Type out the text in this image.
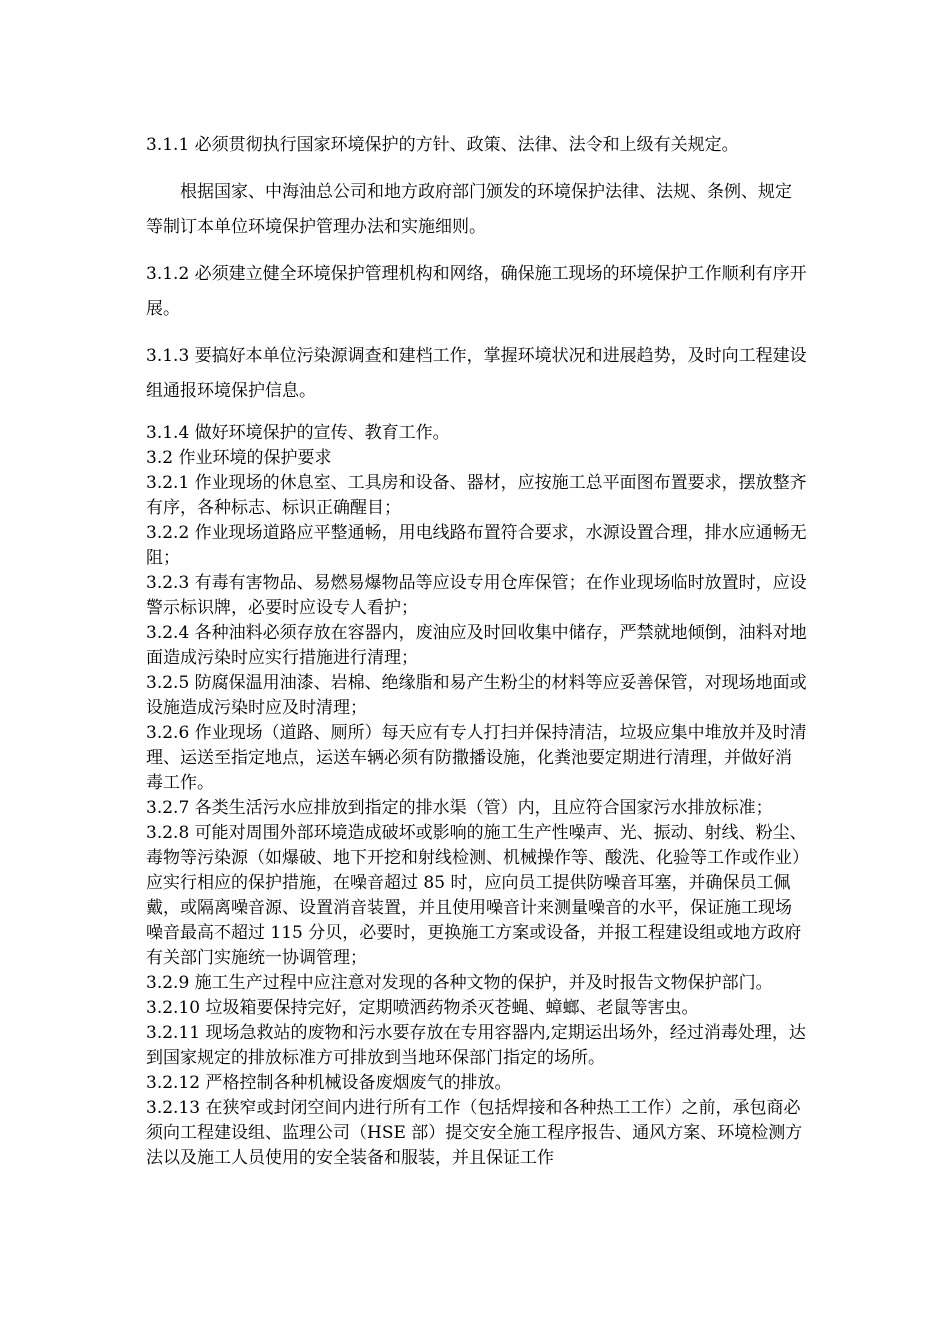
3.1.1 必须贯彻执行国家环境保护的方针、政策、法律、法令和上级有关规定。

根据国家、中海油总公司和地方政府部门颁发的环境保护法律、法规、条例、规定等制订本单位环境保护管理办法和实施细则。

3.1.2 必须建立健全环境保护管理机构和网络，确保施工现场的环境保护工作顺利有序开展。

3.1.3 要搞好本单位污染源调查和建档工作，掌握环境状况和进展趋势，及时向工程建设组通报环境保护信息。

3.1.4 做好环境保护的宣传、教育工作。

3.2 作业环境的保护要求

3.2.1 作业现场的休息室、工具房和设备、器材，应按施工总平面图布置要求，摆放整齐有序，各种标志、标识正确醒目；

3.2.2 作业现场道路应平整通畅，用电线路布置符合要求，水源设置合理，排水应通畅无阻；

3.2.3 有毒有害物品、易燃易爆物品等应设专用仓库保管；在作业现场临时放置时，应设警示标识牌，必要时应设专人看护；

3.2.4 各种油料必须存放在容器内，废油应及时回收集中储存，严禁就地倾倒，油料对地面造成污染时应实行措施进行清理；

3.2.5 防腐保温用油漆、岩棉、绝缘脂和易产生粉尘的材料等应妥善保管，对现场地面或设施造成污染时应及时清理；

3.2.6 作业现场（道路、厕所）每天应有专人打扫并保持清洁，垃圾应集中堆放并及时清理、运送至指定地点，运送车辆必须有防撒播设施，化粪池要定期进行清理，并做好消毒工作。

3.2.7 各类生活污水应排放到指定的排水渠（管）内，且应符合国家污水排放标准；

3.2.8 可能对周围外部环境造成破坏或影响的施工生产性噪声、光、振动、射线、粉尘、毒物等污染源（如爆破、地下开挖和射线检测、机械操作等、酸洗、化验等工作或作业）应实行相应的保护措施，在噪音超过 85 时，应向员工提供防噪音耳塞，并确保员工佩戴，或隔离噪音源、设置消音装置，并且使用噪音计来测量噪音的水平，保证施工现场噪音最高不超过 115 分贝，必要时，更换施工方案或设备，并报工程建设组或地方政府有关部门实施统一协调管理；

3.2.9 施工生产过程中应注意对发现的各种文物的保护，并及时报告文物保护部门。

3.2.10 垃圾箱要保持完好，定期喷洒药物杀灭苍蝇、蟑螂、老鼠等害虫。

3.2.11 现场急救站的废物和污水要存放在专用容器内,定期运出场外，经过消毒处理，达到国家规定的排放标准方可排放到当地环保部门指定的场所。

3.2.12 严格控制各种机械设备废烟废气的排放。

3.2.13 在狭窄或封闭空间内进行所有工作（包括焊接和各种热工工作）之前，承包商必须向工程建设组、监理公司（HSE 部）提交安全施工程序报告、通风方案、环境检测方法以及施工人员使用的安全装备和服装，并且保证工作
